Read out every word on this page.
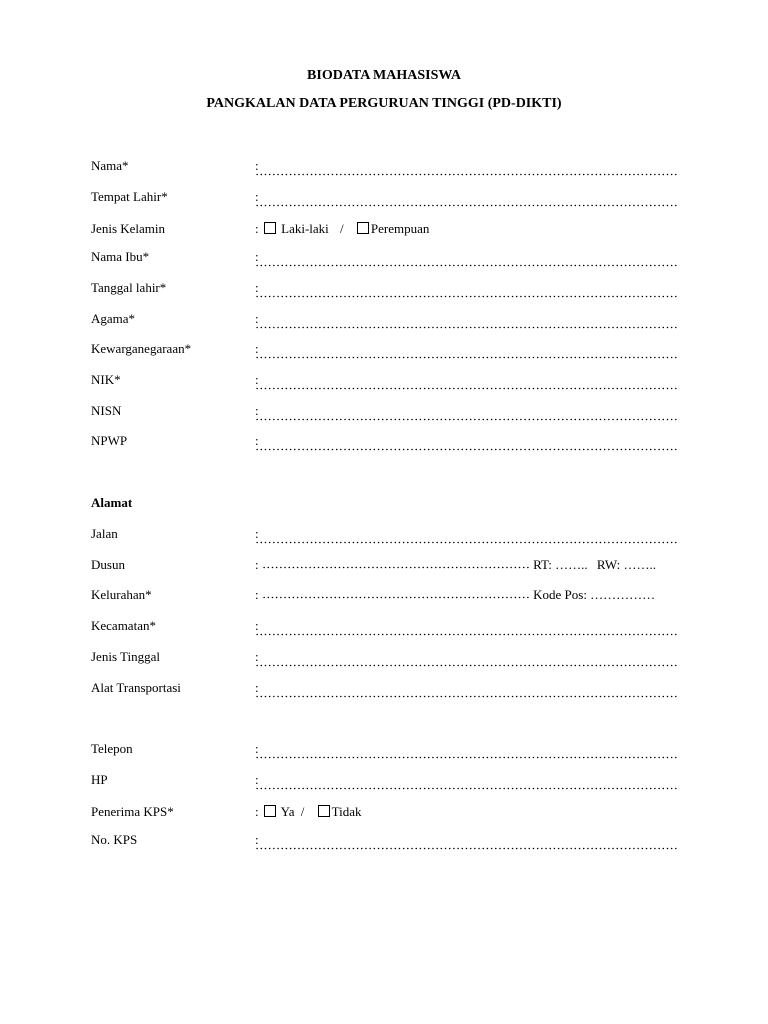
BIODATA MAHASISWA
PANGKALAN DATA PERGURUAN TINGGI (PD-DIKTI)
Nama*	:
Tempat Lahir*	:
Jenis Kelamin	: Laki-laki / Perempuan
Nama Ibu*	:
Tanggal lahir*	:
Agama*	:
Kewarganegaraan*	:
NIK*	:
NISN	:
NPWP	:
Alamat
Jalan	:
Dusun	:	RT: …….. RW: ……..
Kelurahan*	:	Kode Pos: ……………
Kecamatan*	:
Jenis Tinggal	:
Alat Transportasi	:
Telepon	:
HP	:
Penerima KPS*	: Ya / Tidak
No. KPS	:
